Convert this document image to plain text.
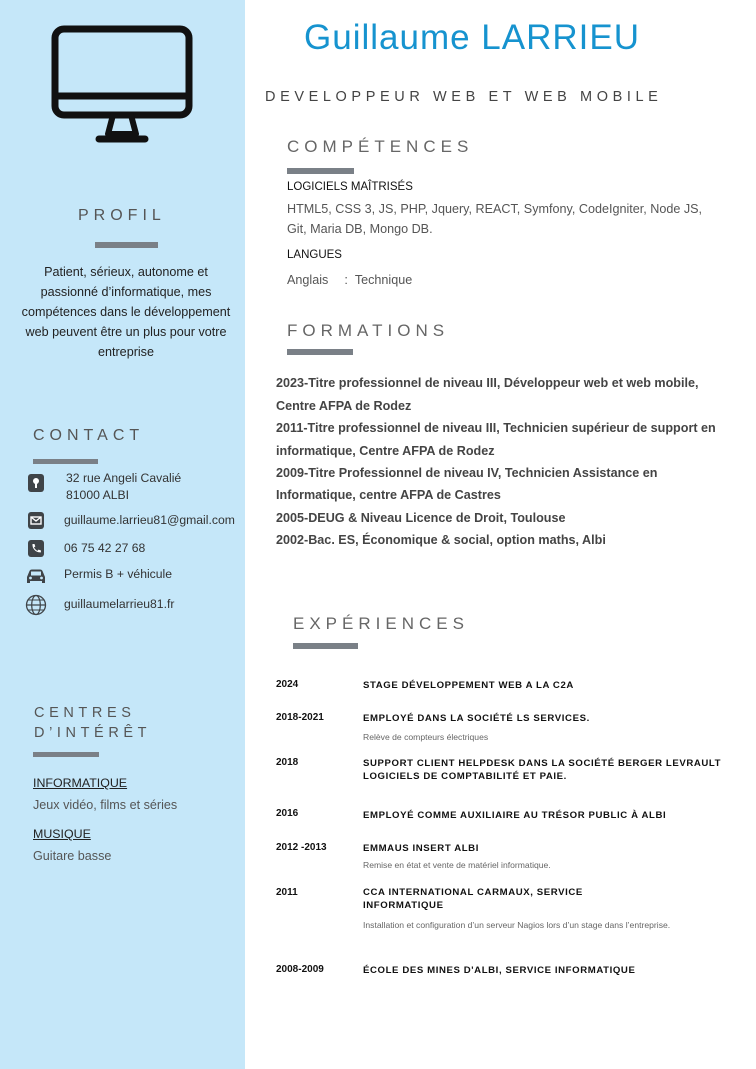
PROFIL
Patient, sérieux, autonome et passionné d’informatique, mes compétences dans le développement web peuvent être un plus pour votre entreprise
CONTACT
32 rue Angeli Cavalié
81000 ALBI
guillaume.larrieu81@gmail.com
06 75 42 27 68
Permis B + véhicule
guillaumelarrieu81.fr
CENTRES
D’INTÉRÊT
INFORMATIQUE
Jeux vidéo, films et séries
MUSIQUE
Guitare basse
Guillaume LARRIEU
DEVELOPPEUR WEB ET WEB MOBILE
COMPÉTENCES
LOGICIELS MAÎTRISÉS
HTML5, CSS 3, JS, PHP, Jquery, REACT, Symfony, CodeIgniter, Node JS, Git, Maria DB, Mongo DB.
LANGUES
Anglais : Technique
FORMATIONS
2023-Titre professionnel de niveau III, Développeur web et web mobile,
Centre AFPA de Rodez
2011-Titre professionnel de niveau III, Technicien supérieur de support en
informatique, Centre AFPA de Rodez
2009-Titre Professionnel de niveau IV, Technicien Assistance en
Informatique, centre AFPA de Castres
2005-DEUG & Niveau Licence de Droit, Toulouse
2002-Bac. ES, Économique & social, option maths, Albi
EXPÉRIENCES
2024	STAGE DÉVELOPPEMENT WEB A LA C2A
2018-2021	EMPLOYÉ DANS LA SOCIÉTÉ LS SERVICES.
Relève de compteurs électriques
2018	SUPPORT CLIENT HELPDESK DANS LA SOCIÉTÉ BERGER LEVRAULT LOGICIELS DE COMPTABILITÉ ET PAIE.
2016	EMPLOYÉ COMME AUXILIAIRE AU TRÉSOR PUBLIC À ALBI
2012 -2013	EMMAUS INSERT ALBI
Remise en état et vente de matériel informatique.
2011	CCA INTERNATIONAL CARMAUX, SERVICE INFORMATIQUE
Installation et configuration d’un serveur Nagios lors d’un stage dans l’entreprise.
2008-2009	ÉCOLE DES MINES D'ALBI, SERVICE INFORMATIQUE
